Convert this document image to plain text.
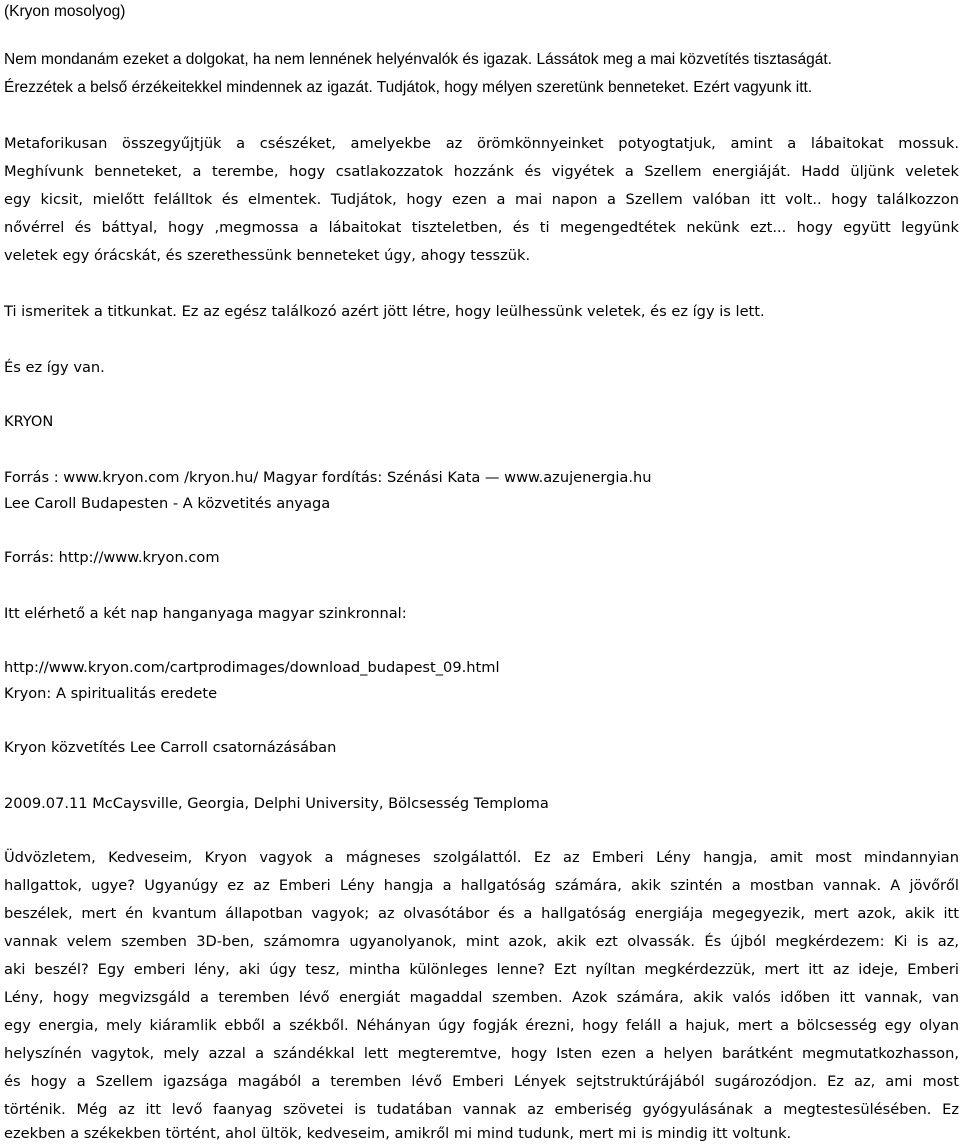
(Kryon mosolyog)
Nem mondanám ezeket a dolgokat, ha nem lennének helyénvalók és igazak. Lássátok meg a mai közvetítés tisztaságát.
Érezzétek a belső érzékeitekkel mindennek az igazát. Tudjátok, hogy mélyen szeretünk benneteket. Ezért vagyunk itt.
Metaforikusan összegyűjtjük a csészéket, amelyekbe az örömkönnyeinket potyogtatjuk, amint a lábaitokat mossuk.
Meghívunk benneteket, a terembe, hogy csatlakozzatok hozzánk és vigyétek a Szellem energiáját. Hadd üljünk veletek
egy kicsit, mielőtt felálltok és elmentek. Tudjátok, hogy ezen a mai napon a Szellem valóban itt volt.. hogy találkozzon
nővérrel és báttyal, hogy ,megmossa a lábaitokat tiszteletben, és ti megengedtétek nekünk ezt... hogy együtt legyünk
veletek egy órácskát, és szerethessünk benneteket úgy, ahogy tesszük.
Ti ismeritek a titkunkat. Ez az egész találkozó azért jött létre, hogy leülhessünk veletek, és ez így is lett.
És ez így van.
KRYON
Forrás : www.kryon.com /kryon.hu/ Magyar fordítás: Szénási Kata — www.azujenergia.hu
Lee Caroll Budapesten - A közvetités anyaga
Forrás: http://www.kryon.com
Itt elérhető a két nap hanganyaga magyar szinkronnal:
http://www.kryon.com/cartprodimages/download_budapest_09.html
Kryon: A spiritualitás eredete
Kryon közvetítés Lee Carroll csatornázásában
2009.07.11 McCaysville, Georgia, Delphi University, Bölcsesség Temploma
Üdvözletem, Kedveseim, Kryon vagyok a mágneses szolgálattól. Ez az Emberi Lény hangja, amit most mindannyian
hallgattok, ugye? Ugyanúgy ez az Emberi Lény hangja a hallgatóság számára, akik szintén a mostban vannak. A jövőről
beszélek, mert én kvantum állapotban vagyok; az olvasótábor és a hallgatóság energiája megegyezik, mert azok, akik itt
vannak velem szemben 3D-ben, számomra ugyanolyanok, mint azok, akik ezt olvassák. És újból megkérdezem: Ki is az,
aki beszél? Egy emberi lény, aki úgy tesz, mintha különleges lenne? Ezt nyíltan megkérdezzük, mert itt az ideje, Emberi
Lény, hogy megvizsgáld a teremben lévő energiát magaddal szemben. Azok számára, akik valós időben itt vannak, van
egy energia, mely kiáramlik ebből a székből. Néhányan úgy fogják érezni, hogy feláll a hajuk, mert a bölcsesség egy olyan
helyszínén vagytok, mely azzal a szándékkal lett megteremtve, hogy Isten ezen a helyen barátként megmutatkozhasson,
és hogy a Szellem igazsága magából a teremben lévő Emberi Lények sejtstruktúrájából sugározódjon. Ez az, ami most
történik. Még az itt levő faanyag szövetei is tudatában vannak az emberiség gyógyulásának a megtestesülésében. Ez
ezekben a székekben történt, ahol ültök, kedveseim, amikről mi mind tudunk, mert mi is mindig itt voltunk.
